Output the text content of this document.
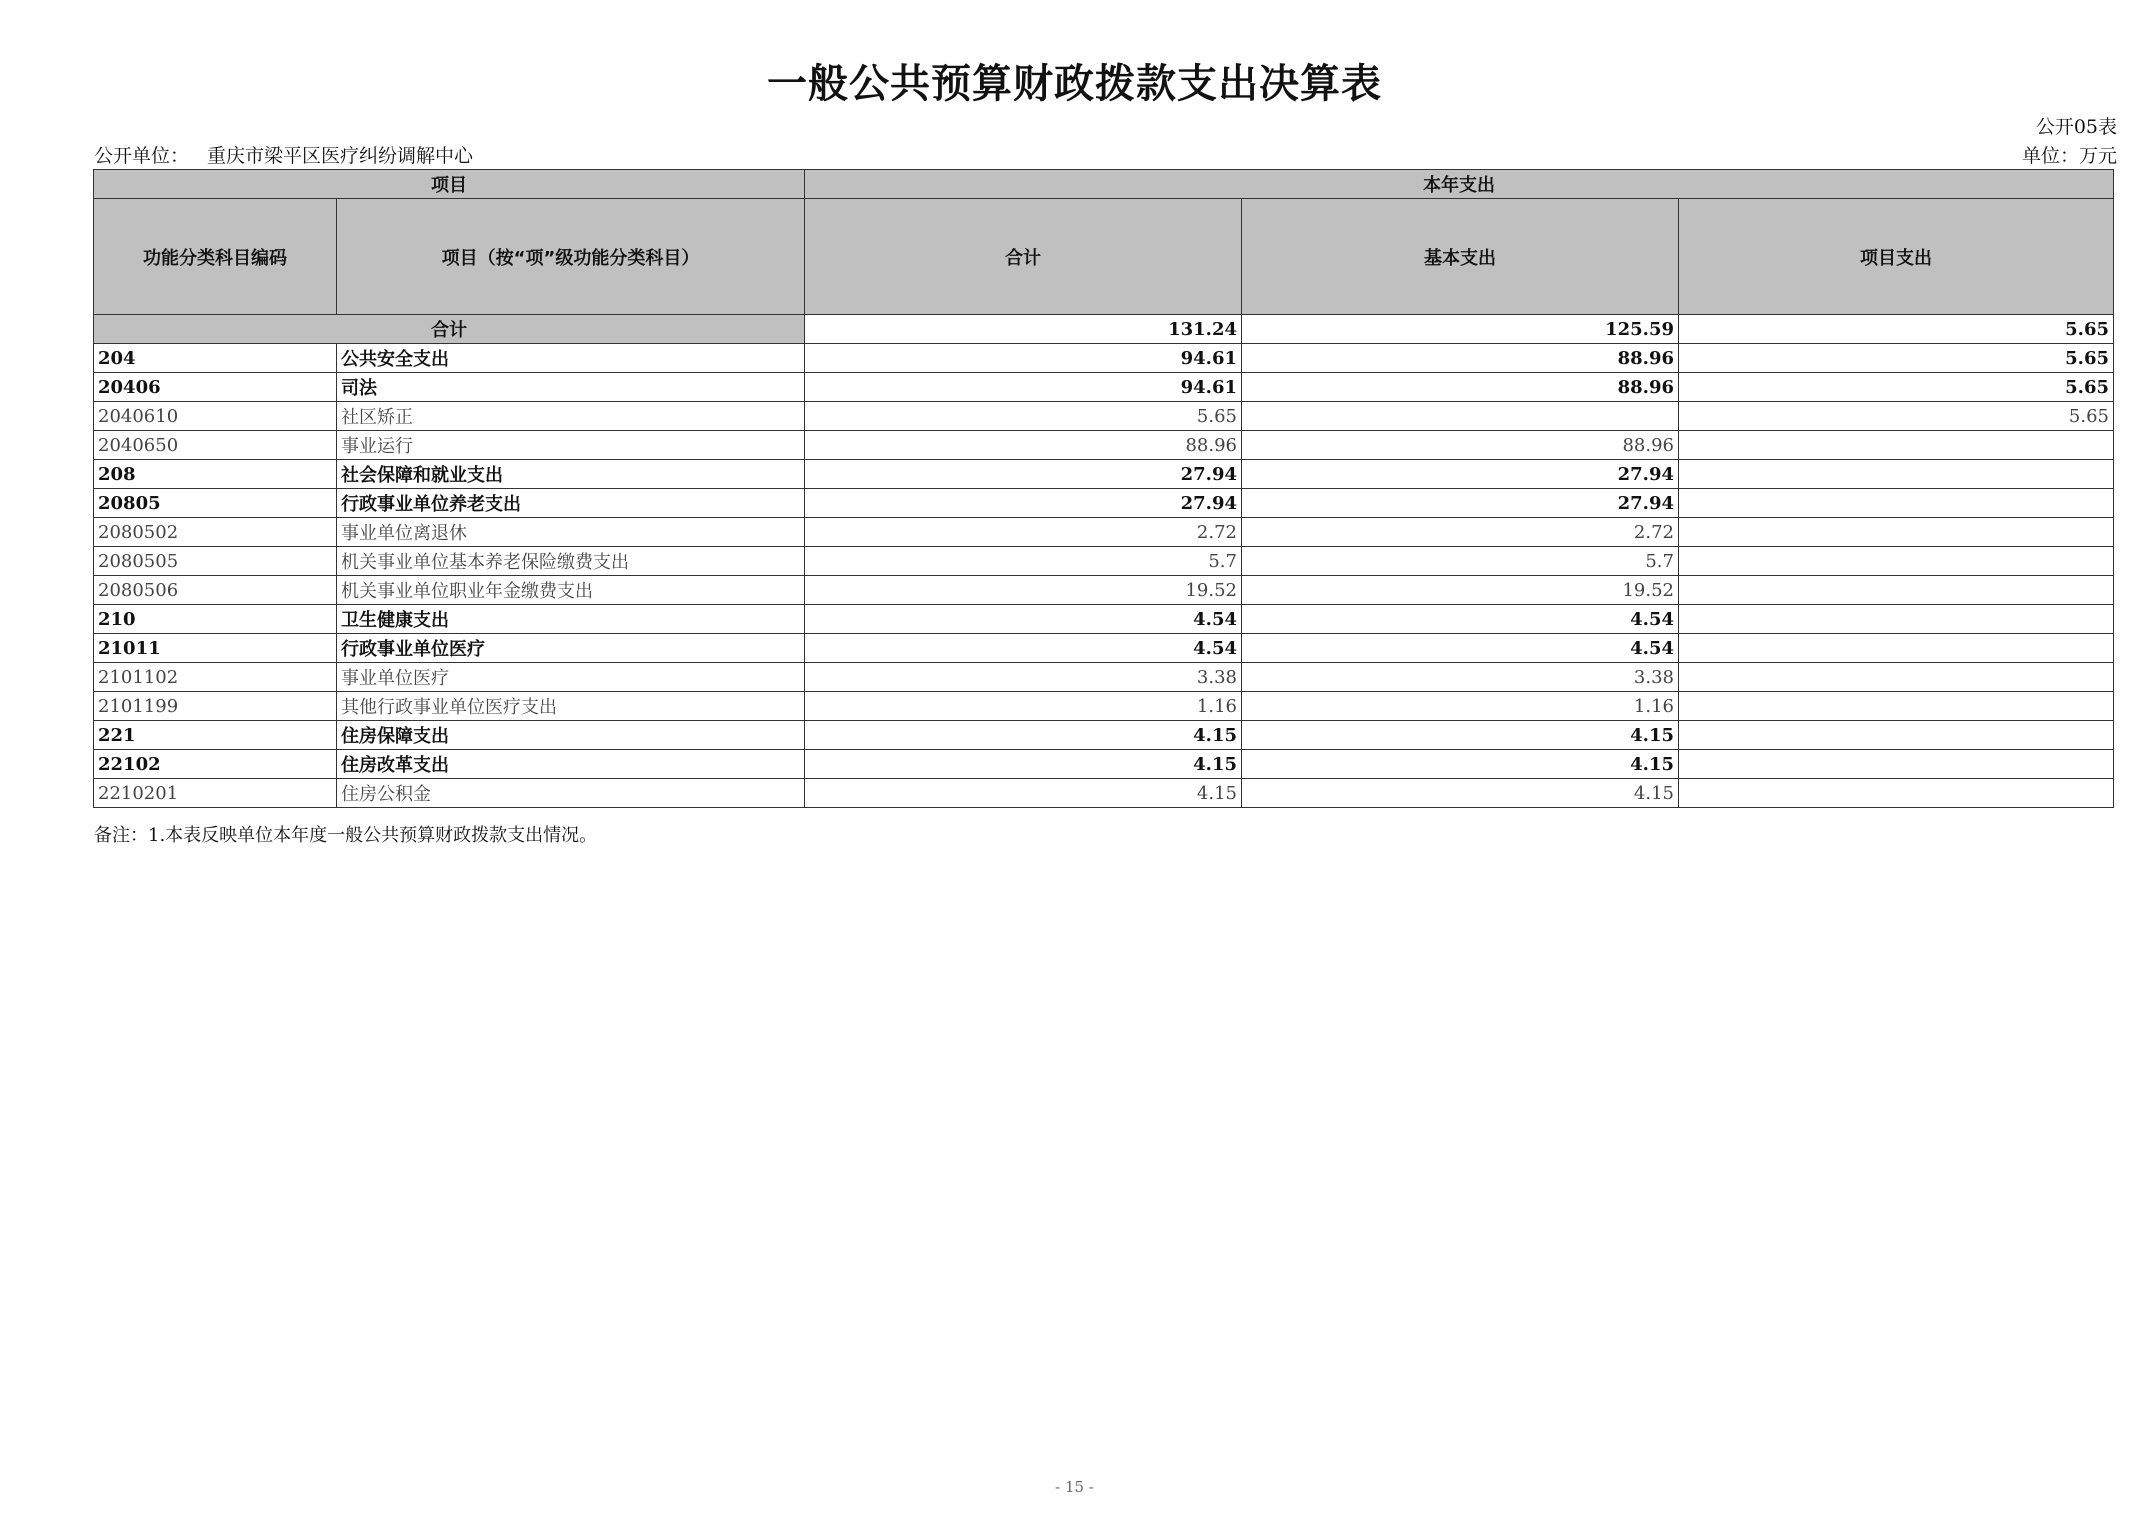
一般公共预算财政拨款支出决算表
公开05表
公开单位： 重庆市梁平区医疗纠纷调解中心	单位：万元
项目		本年支出		
功能分类科目编码	项目（按“项”级功能分类科目）	合计	基本支出	项目支出
合计		131.24	125.59	5.65
204	公共安全支出	94.61	88.96	5.65
20406	司法	94.61	88.96	5.65
2040610	社区矫正	5.65		5.65
2040650	事业运行	88.96	88.96	
208	社会保障和就业支出	27.94	27.94	
20805	行政事业单位养老支出	27.94	27.94	
2080502	事业单位离退休	2.72	2.72	
2080505	机关事业单位基本养老保险缴费支出	5.7	5.7	
2080506	机关事业单位职业年金缴费支出	19.52	19.52	
210	卫生健康支出	4.54	4.54	
21011	行政事业单位医疗	4.54	4.54	
2101102	事业单位医疗	3.38	3.38	
2101199	其他行政事业单位医疗支出	1.16	1.16	
221	住房保障支出	4.15	4.15	
22102	住房改革支出	4.15	4.15	
2210201	住房公积金	4.15	4.15	
备注：1.本表反映单位本年度一般公共预算财政拨款支出情况。
- 15 -
